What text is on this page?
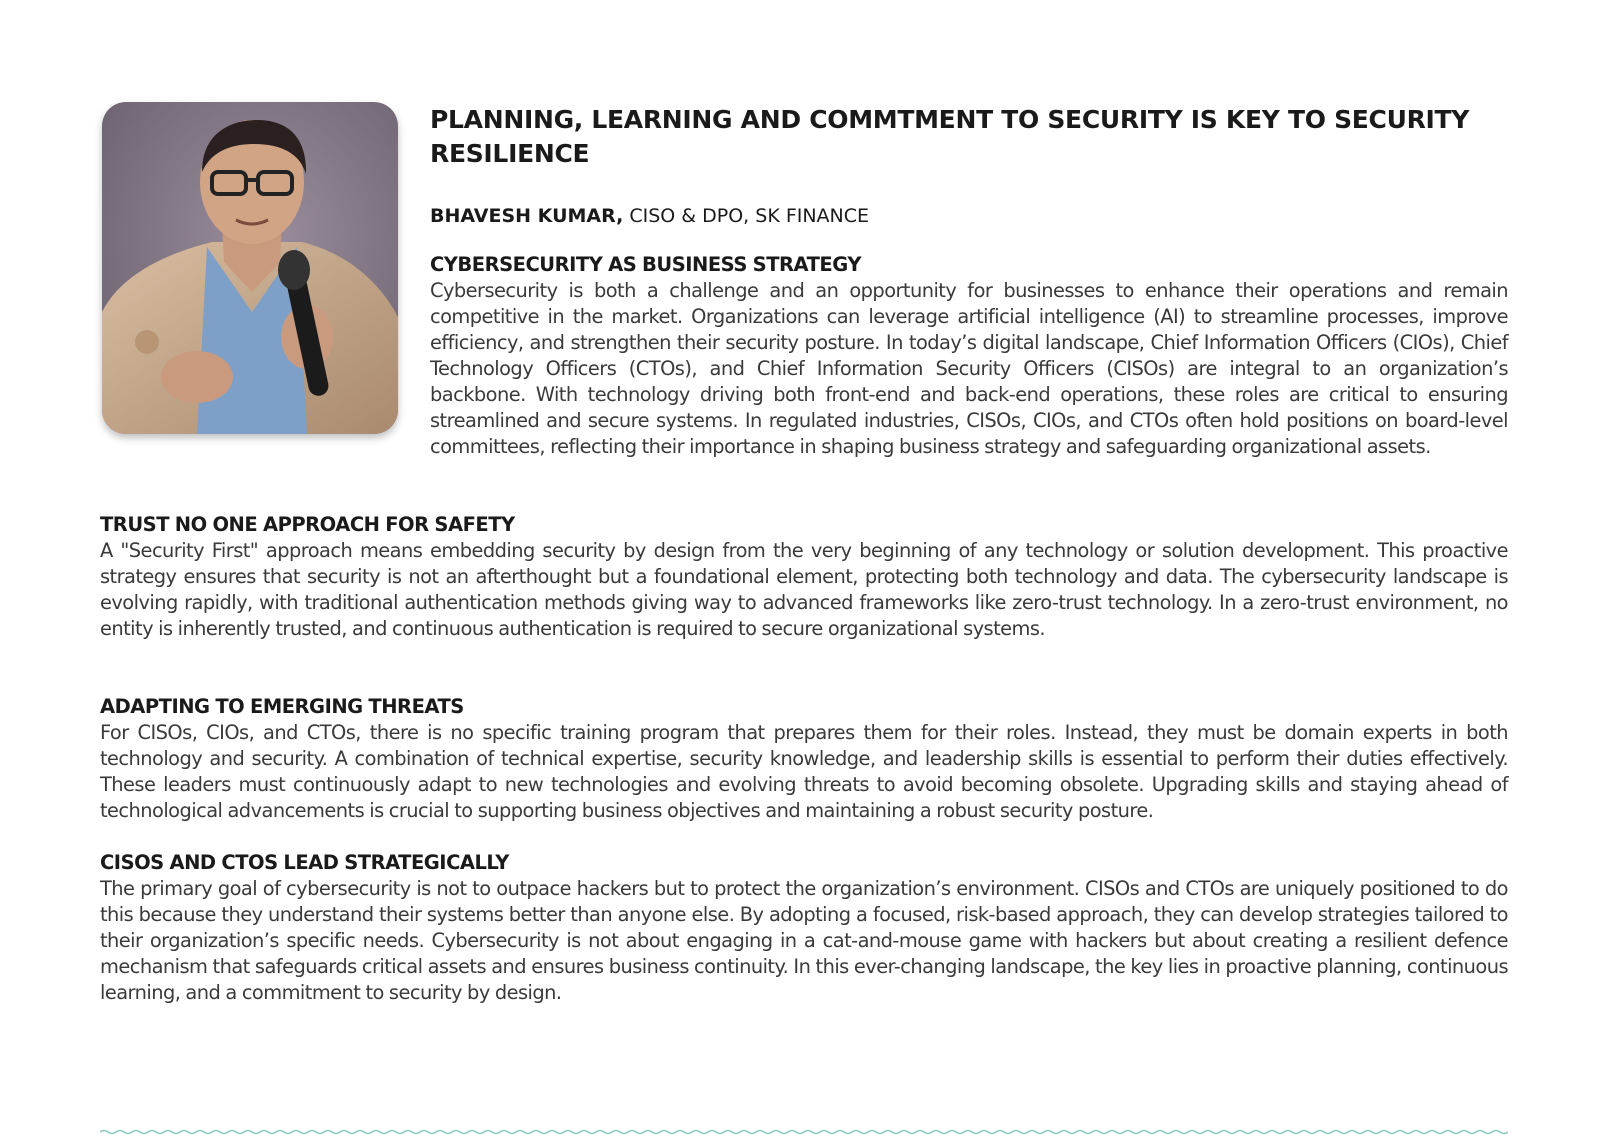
PLANNING, LEARNING AND COMMTMENT TO SECURITY IS KEY TO SECURITY RESILIENCE

BHAVESH KUMAR, CISO & DPO, SK FINANCE

CYBERSECURITY AS BUSINESS STRATEGY

Cybersecurity is both a challenge and an opportunity for businesses to enhance their operations and remain competitive in the market. Organizations can leverage artificial intelligence (AI) to streamline processes, improve efficiency, and strengthen their security posture. In today’s digital landscape, Chief Information Officers (CIOs), Chief Technology Officers (CTOs), and Chief Information Security Officers (CISOs) are integral to an organization’s backbone. With technology driving both front-end and back-end operations, these roles are critical to ensuring streamlined and secure systems. In regulated industries, CISOs, CIOs, and CTOs often hold positions on board-level committees, reflecting their importance in shaping business strategy and safeguarding organizational assets.

TRUST NO ONE APPROACH FOR SAFETY

A "Security First" approach means embedding security by design from the very beginning of any technology or solution development. This proactive strategy ensures that security is not an afterthought but a foundational element, protecting both technology and data. The cybersecurity landscape is evolving rapidly, with traditional authentication methods giving way to advanced frameworks like zero-trust technology. In a zero-trust environment, no entity is inherently trusted, and continuous authentication is required to secure organizational systems.

ADAPTING TO EMERGING THREATS

For CISOs, CIOs, and CTOs, there is no specific training program that prepares them for their roles. Instead, they must be domain experts in both technology and security. A combination of technical expertise, security knowledge, and leadership skills is essential to perform their duties effectively. These leaders must continuously adapt to new technologies and evolving threats to avoid becoming obsolete. Upgrading skills and staying ahead of technological advancements is crucial to supporting business objectives and maintaining a robust security posture.

CISOS AND CTOS LEAD STRATEGICALLY

The primary goal of cybersecurity is not to outpace hackers but to protect the organization’s environment. CISOs and CTOs are uniquely positioned to do this because they understand their systems better than anyone else. By adopting a focused, risk-based approach, they can develop strategies tailored to their organization’s specific needs. Cybersecurity is not about engaging in a cat-and-mouse game with hackers but about creating a resilient defence mechanism that safeguards critical assets and ensures business continuity. In this ever-changing landscape, the key lies in proactive planning, continuous learning, and a commitment to security by design.
